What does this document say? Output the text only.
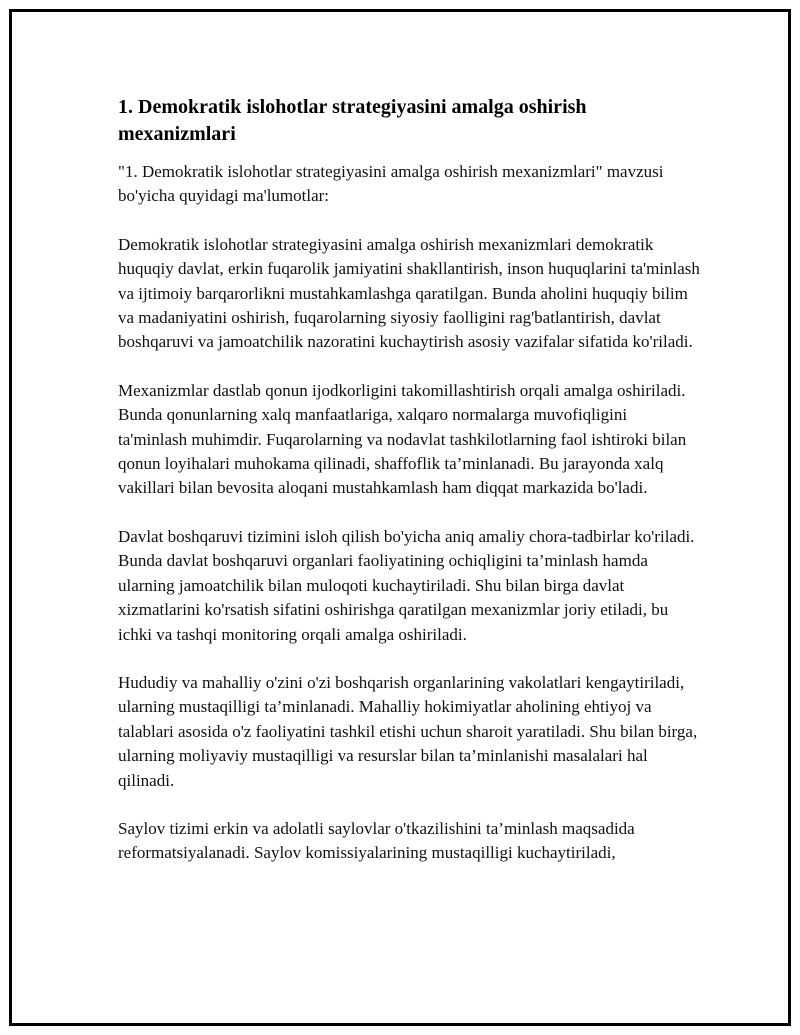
1. Demokratik islohotlar strategiyasini amalga oshirish mexanizmlari

"1. Demokratik islohotlar strategiyasini amalga oshirish mexanizmlari" mavzusi bo'yicha quyidagi ma'lumotlar:

Demokratik islohotlar strategiyasini amalga oshirish mexanizmlari demokratik huquqiy davlat, erkin fuqarolik jamiyatini shakllantirish, inson huquqlarini ta'minlash va ijtimoiy barqarorlikni mustahkamlashga qaratilgan. Bunda aholini huquqiy bilim va madaniyatini oshirish, fuqarolarning siyosiy faolligini rag'batlantirish, davlat boshqaruvi va jamoatchilik nazoratini kuchaytirish asosiy vazifalar sifatida ko'riladi.

Mexanizmlar dastlab qonun ijodkorligini takomillashtirish orqali amalga oshiriladi. Bunda qonunlarning xalq manfaatlariga, xalqaro normalarga muvofiqligini ta'minlash muhimdir. Fuqarolarning va nodavlat tashkilotlarning faol ishtiroki bilan qonun loyihalari muhokama qilinadi, shaffoflik ta’minlanadi. Bu jarayonda xalq vakillari bilan bevosita aloqani mustahkamlash ham diqqat markazida bo'ladi.

Davlat boshqaruvi tizimini isloh qilish bo'yicha aniq amaliy chora-tadbirlar ko'riladi. Bunda davlat boshqaruvi organlari faoliyatining ochiqligini ta’minlash hamda ularning jamoatchilik bilan muloqoti kuchaytiriladi. Shu bilan birga davlat xizmatlarini ko'rsatish sifatini oshirishga qaratilgan mexanizmlar joriy etiladi, bu ichki va tashqi monitoring orqali amalga oshiriladi.

Hududiy va mahalliy o'zini o'zi boshqarish organlarining vakolatlari kengaytiriladi, ularning mustaqilligi ta’minlanadi. Mahalliy hokimiyatlar aholining ehtiyoj va talablari asosida o'z faoliyatini tashkil etishi uchun sharoit yaratiladi. Shu bilan birga, ularning moliyaviy mustaqilligi va resurslar bilan ta’minlanishi masalalari hal qilinadi.

Saylov tizimi erkin va adolatli saylovlar o'tkazilishini ta’minlash maqsadida reformatsiyalanadi. Saylov komissiyalarining mustaqilligi kuchaytiriladi,
